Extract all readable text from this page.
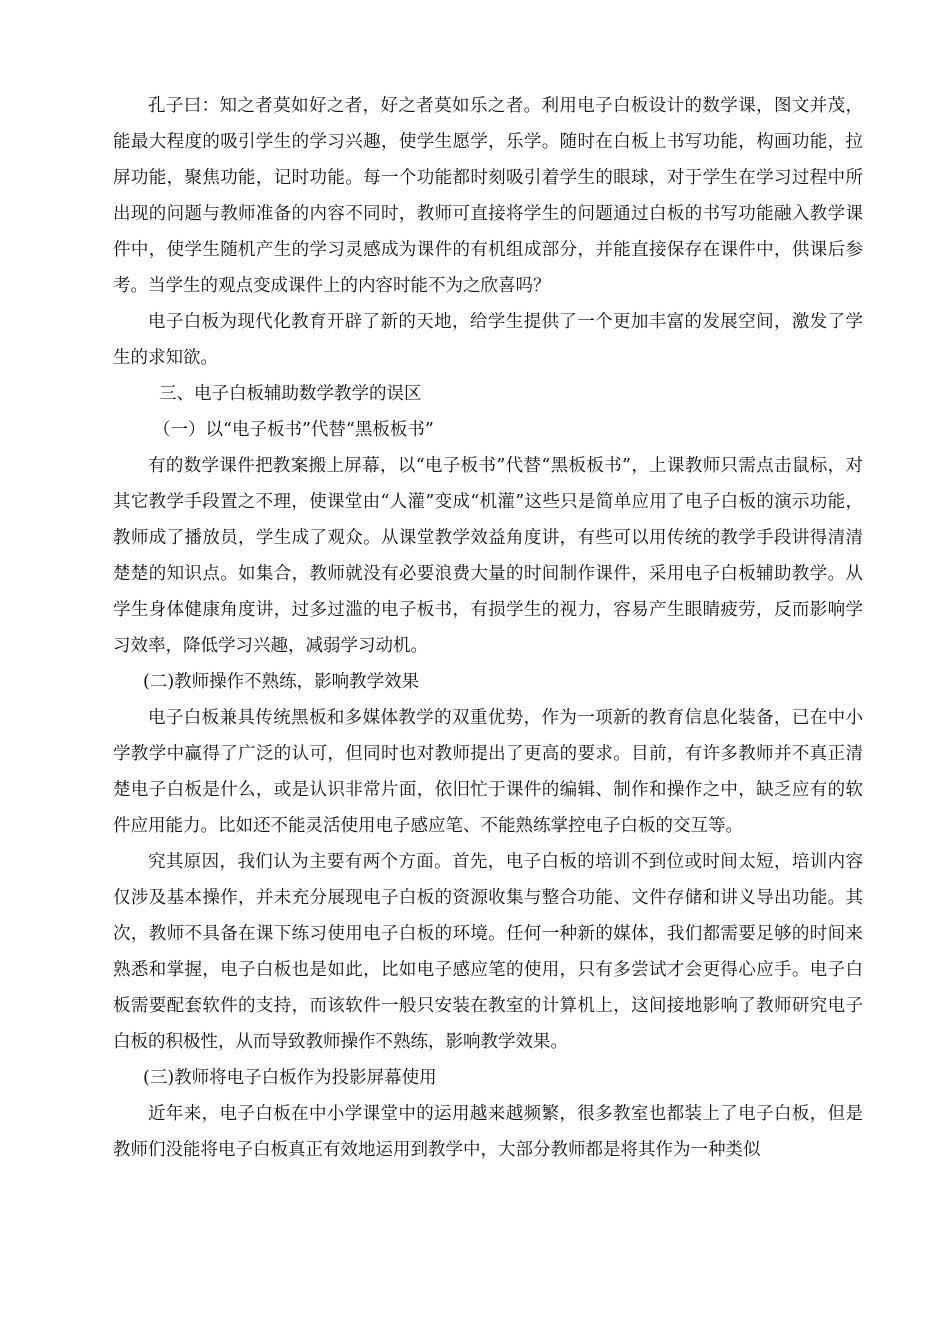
孔子曰：知之者莫如好之者，好之者莫如乐之者。利用电子白板设计的数学课，图文并茂，能最大程度的吸引学生的学习兴趣，使学生愿学，乐学。随时在白板上书写功能，构画功能，拉屏功能，聚焦功能，记时功能。每一个功能都时刻吸引着学生的眼球，对于学生在学习过程中所出现的问题与教师准备的内容不同时，教师可直接将学生的问题通过白板的书写功能融入教学课件中，使学生随机产生的学习灵感成为课件的有机组成部分，并能直接保存在课件中，供课后参考。当学生的观点变成课件上的内容时能不为之欣喜吗？

电子白板为现代化教育开辟了新的天地，给学生提供了一个更加丰富的发展空间，激发了学生的求知欲。

三、电子白板辅助数学教学的误区

（一）以“电子板书”代替“黑板板书”

有的数学课件把教案搬上屏幕，以“电子板书”代替“黑板板书”，上课教师只需点击鼠标，对其它教学手段置之不理，使课堂由“人灌”变成“机灌”这些只是简单应用了电子白板的演示功能，教师成了播放员，学生成了观众。从课堂教学效益角度讲，有些可以用传统的教学手段讲得清清楚楚的知识点。如集合，教师就没有必要浪费大量的时间制作课件，采用电子白板辅助教学。从学生身体健康角度讲，过多过滥的电子板书，有损学生的视力，容易产生眼睛疲劳，反而影响学习效率，降低学习兴趣，减弱学习动机。

(二)教师操作不熟练，影响教学效果

电子白板兼具传统黑板和多媒体教学的双重优势，作为一项新的教育信息化装备，已在中小学教学中赢得了广泛的认可，但同时也对教师提出了更高的要求。目前，有许多教师并不真正清楚电子白板是什么，或是认识非常片面，依旧忙于课件的编辑、制作和操作之中，缺乏应有的软件应用能力。比如还不能灵活使用电子感应笔、不能熟练掌控电子白板的交互等。

究其原因，我们认为主要有两个方面。首先，电子白板的培训不到位或时间太短，培训内容仅涉及基本操作，并未充分展现电子白板的资源收集与整合功能、文件存储和讲义导出功能。其次，教师不具备在课下练习使用电子白板的环境。任何一种新的媒体，我们都需要足够的时间来熟悉和掌握，电子白板也是如此，比如电子感应笔的使用，只有多尝试才会更得心应手。电子白板需要配套软件的支持，而该软件一般只安装在教室的计算机上，这间接地影响了教师研究电子白板的积极性，从而导致教师操作不熟练，影响教学效果。

(三)教师将电子白板作为投影屏幕使用

近年来，电子白板在中小学课堂中的运用越来越频繁，很多教室也都装上了电子白板，但是教师们没能将电子白板真正有效地运用到教学中，大部分教师都是将其作为一种类似
